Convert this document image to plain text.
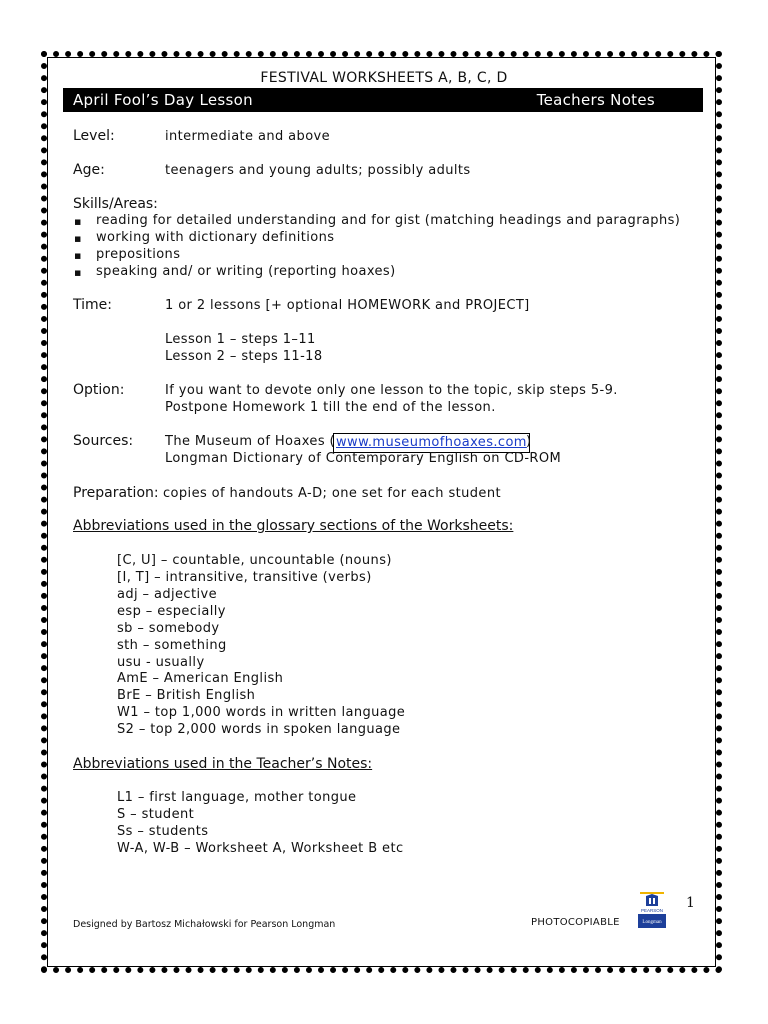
FESTIVAL WORKSHEETS A, B, C, D
April Fool’s Day Lesson	Teachers Notes
Level:	intermediate and above
Age:	teenagers and young adults; possibly adults
Skills/Areas:
▪ reading for detailed understanding and for gist (matching headings and paragraphs)
▪ working with dictionary definitions
▪ prepositions
▪ speaking and/ or writing (reporting hoaxes)
Time:	1 or 2 lessons [+ optional HOMEWORK and PROJECT]
Lesson 1 – steps 1–11
Lesson 2 – steps 11-18
Option:	If you want to devote only one lesson to the topic, skip steps 5-9.
Postpone Homework 1 till the end of the lesson.
Sources: The Museum of Hoaxes ( www.museumofhoaxes.com )
Longman Dictionary of Contemporary English on CD-ROM
Preparation: copies of handouts A-D; one set for each student
Abbreviations used in the glossary sections of the Worksheets:
[C, U] – countable, uncountable (nouns)
[I, T] – intransitive, transitive (verbs)
adj – adjective
esp – especially
sb – somebody
sth – something
usu - usually
AmE – American English
BrE – British English
W1 – top 1,000 words in written language
S2 – top 2,000 words in spoken language
Abbreviations used in the Teacher’s Notes:
L1 – first language, mother tongue
S – student
Ss – students
W-A, W-B – Worksheet A, Worksheet B etc
1
PEARSON
Longman
Designed by Bartosz Michałowski for Pearson Longman	PHOTOCOPIABLE
